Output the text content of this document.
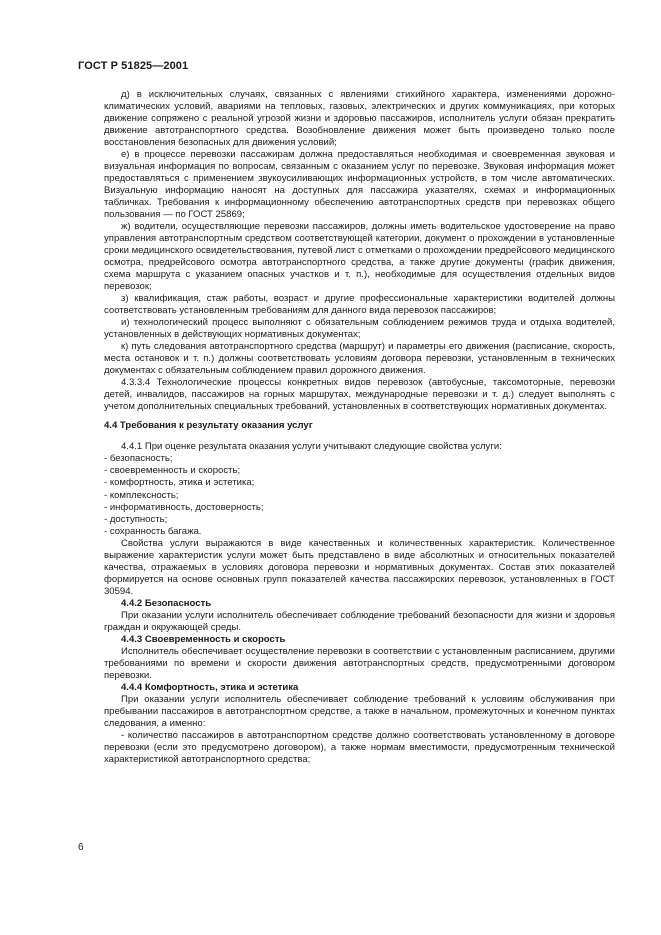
ГОСТ Р 51825—2001

д) в исключительных случаях, связанных с явлениями стихийного характера, изменениями дорожно-климатических условий, авариями на тепловых, газовых, электрических и других коммуникациях, при которых движение сопряжено с реальной угрозой жизни и здоровью пассажиров, исполнитель услуги обязан прекратить движение автотранспортного средства. Возобновление движения может быть произведено только после восстановления безопасных для движения условий;

е) в процессе перевозки пассажирам должна предоставляться необходимая и своевременная звуковая и визуальная информация по вопросам, связанным с оказанием услуг по перевозке. Звуковая информация может предоставляться с применением звукоусиливающих информационных устройств, в том числе автоматических. Визуальную информацию наносят на доступных для пассажира указателях, схемах и информационных табличках. Требования к информационному обеспечению автотранспортных средств при перевозках общего пользования — по ГОСТ 25869;

ж) водители, осуществляющие перевозки пассажиров, должны иметь водительское удостоверение на право управления автотранспортным средством соответствующей категории, документ о прохождении в установленные сроки медицинского освидетельствования, путевой лист с отметками о прохождении предрейсового медицинского осмотра, предрейсового осмотра автотранспортного средства, а также другие документы (график движения, схема маршрута с указанием опасных участков и т. п.), необходимые для осуществления отдельных видов перевозок;

з) квалификация, стаж работы, возраст и другие профессиональные характеристики водителей должны соответствовать установленным требованиям для данного вида перевозок пассажиров;

и) технологический процесс выполняют с обязательным соблюдением режимов труда и отдыха водителей, установленных в действующих нормативных документах;

к) путь следования автотранспортного средства (маршрут) и параметры его движения (расписание, скорость, места остановок и т. п.) должны соответствовать условиям договора перевозки, установленным в технических документах с обязательным соблюдением правил дорожного движения.

4.3.3.4 Технологические процессы конкретных видов перевозок (автобусные, таксомоторные, перевозки детей, инвалидов, пассажиров на горных маршрутах, международные перевозки и т. д.) следует выполнять с учетом дополнительных специальных требований, установленных в соответствующих нормативных документах.

4.4 Требования к результату оказания услуг

4.4.1 При оценке результата оказания услуги учитывают следующие свойства услуги:

- безопасность;

- своевременность и скорость;

- комфортность, этика и эстетика;

- комплексность;

- информативность, достоверность;

- доступность;

- сохранность багажа.

Свойства услуги выражаются в виде качественных и количественных характеристик. Количественное выражение характеристик услуги может быть представлено в виде абсолютных и относительных показателей качества, отражаемых в условиях договора перевозки и нормативных документах. Состав этих показателей формируется на основе основных групп показателей качества пассажирских перевозок, установленных в ГОСТ 30594.

4.4.2 Безопасность

При оказании услуги исполнитель обеспечивает соблюдение требований безопасности для жизни и здоровья граждан и окружающей среды.

4.4.3 Своевременность и скорость

Исполнитель обеспечивает осуществление перевозки в соответствии с установленным расписанием, другими требованиями по времени и скорости движения автотранспортных средств, предусмотренными договором перевозки.

4.4.4 Комфортность, этика и эстетика

При оказании услуги исполнитель обеспечивает соблюдение требований к условиям обслуживания при пребывании пассажиров в автотранспортном средстве, а также в начальном, промежуточных и конечном пунктах следования, а именно:

- количество пассажиров в автотранспортном средстве должно соответствовать установленному в договоре перевозки (если это предусмотрено договором), а также нормам вместимости, предусмотренным технической характеристикой автотранспортного средства;

6
